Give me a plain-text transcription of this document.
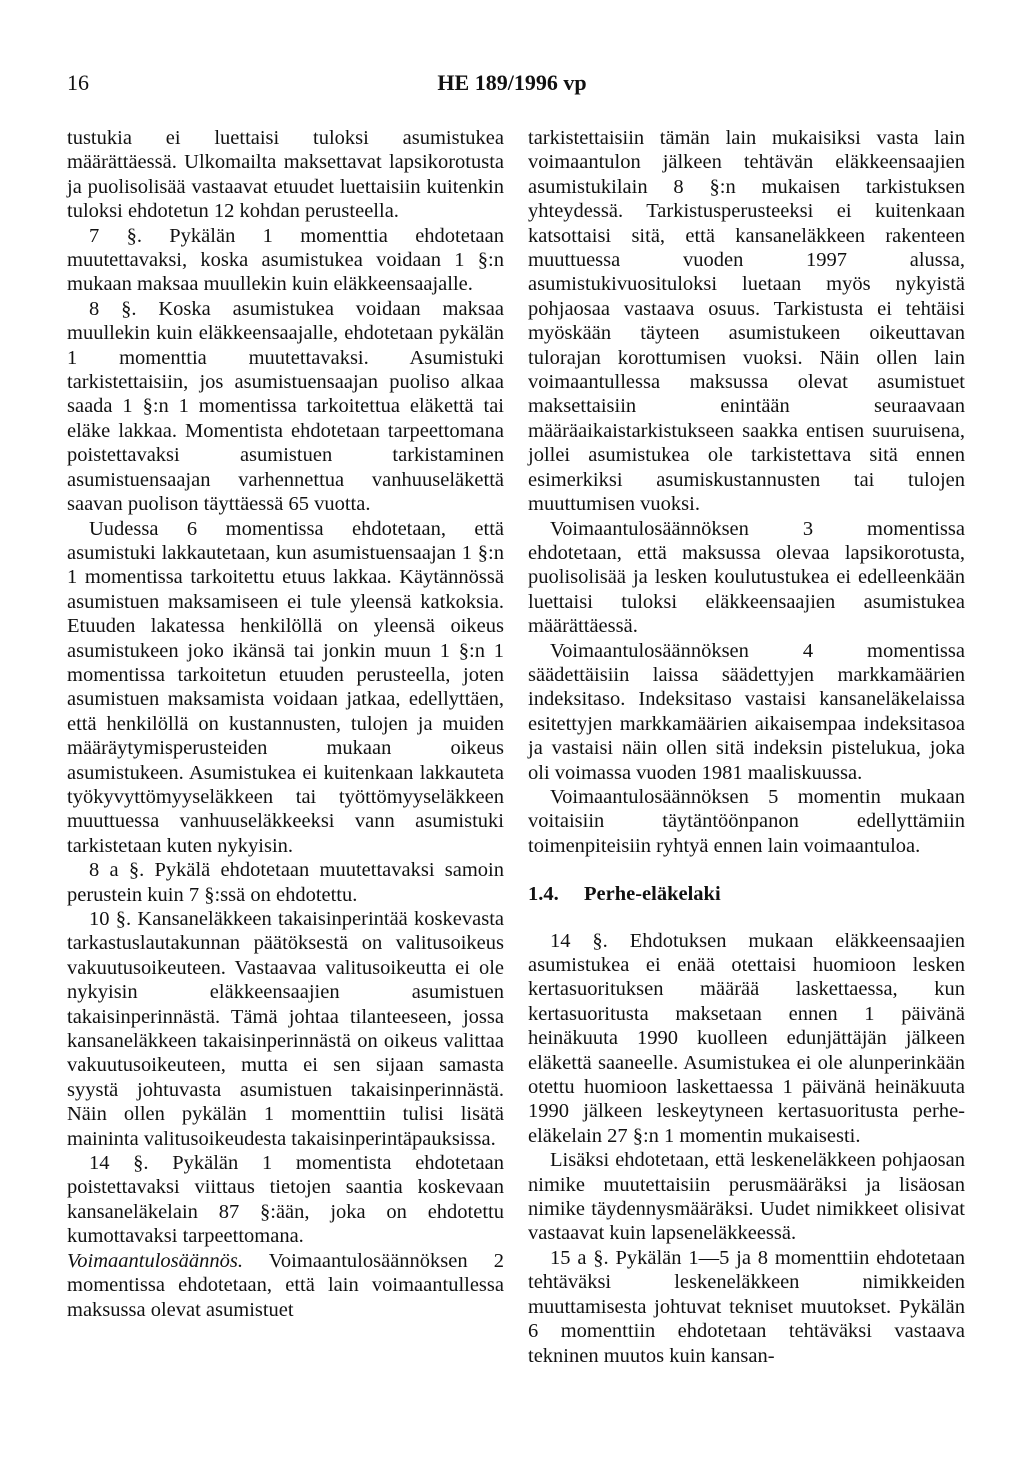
16	HE 189/1996 vp

tustukia ei luettaisi tuloksi asumistukea määrättäessä. Ulkomailta maksettavat lapsikorotusta ja puolisolisää vastaavat etuudet luettaisiin kuitenkin tuloksi ehdotetun 12 kohdan perusteella.

7 §. Pykälän 1 momenttia ehdotetaan muutettavaksi, koska asumistukea voidaan 1 §:n mukaan maksaa muullekin kuin eläkkeensaajalle.

8 §. Koska asumistukea voidaan maksaa muullekin kuin eläkkeensaajalle, ehdotetaan pykälän 1 momenttia muutettavaksi. Asumistuki tarkistettaisiin, jos asumistuensaajan puoliso alkaa saada 1 §:n 1 momentissa tarkoitettua eläkettä tai eläke lakkaa. Momentista ehdotetaan tarpeettomana poistettavaksi asumistuen tarkistaminen asumistuensaajan varhennettua vanhuuseläkettä saavan puolison täyttäessä 65 vuotta.

Uudessa 6 momentissa ehdotetaan, että asumistuki lakkautetaan, kun asumistuensaajan 1 §:n 1 momentissa tarkoitettu etuus lakkaa. Käytännössä asumistuen maksamiseen ei tule yleensä katkoksia. Etuuden lakatessa henkilöllä on yleensä oikeus asumistukeen joko ikänsä tai jonkin muun 1 §:n 1 momentissa tarkoitetun etuuden perusteella, joten asumistuen maksamista voidaan jatkaa, edellyttäen, että henkilöllä on kustannusten, tulojen ja muiden määräytymisperusteiden mukaan oikeus asumistukeen. Asumistukea ei kuitenkaan lakkauteta työkyvyttömyyseläkkeen tai työttömyyseläkkeen muuttuessa vanhuuseläkkeeksi vann asumistuki tarkistetaan kuten nykyisin.

8 a §. Pykälä ehdotetaan muutettavaksi samoin perustein kuin 7 §:ssä on ehdotettu.

10 §. Kansaneläkkeen takaisinperintää koskevasta tarkastuslautakunnan päätöksestä on valitusoikeus vakuutusoikeuteen. Vastaavaa valitusoikeutta ei ole nykyisin eläkkeensaajien asumistuen takaisinperinnästä. Tämä johtaa tilanteeseen, jossa kansaneläkkeen takaisinperinnästä on oikeus valittaa vakuutusoikeuteen, mutta ei sen sijaan samasta syystä johtuvasta asumistuen takaisinperinnästä. Näin ollen pykälän 1 momenttiin tulisi lisätä maininta valitusoikeudesta takaisinperintäpauksissa.

14 §. Pykälän 1 momentista ehdotetaan poistettavaksi viittaus tietojen saantia koskevaan kansaneläkelain 87 §:ään, joka on ehdotettu kumottavaksi tarpeettomana.

Voimaantulosäännös. Voimaantulosäännöksen 2 momentissa ehdotetaan, että lain voimaantullessa maksussa olevat asumistuet

tarkistettaisiin tämän lain mukaisiksi vasta lain voimaantulon jälkeen tehtävän eläkkeensaajien asumistukilain 8 §:n mukaisen tarkistuksen yhteydessä. Tarkistusperusteeksi ei kuitenkaan katsottaisi sitä, että kansaneläkkeen rakenteen muuttuessa vuoden 1997 alussa, asumistukivuosituloksi luetaan myös nykyistä pohjaosaa vastaava osuus. Tarkistusta ei tehtäisi myöskään täyteen asumistukeen oikeuttavan tulorajan korottumisen vuoksi. Näin ollen lain voimaantullessa maksussa olevat asumistuet maksettaisiin enintään seuraavaan määräaikaistarkistukseen saakka entisen suuruisena, jollei asumistukea ole tarkistettava sitä ennen esimerkiksi asumiskustannusten tai tulojen muuttumisen vuoksi.

Voimaantulosäännöksen 3 momentissa ehdotetaan, että maksussa olevaa lapsikorotusta, puolisolisää ja lesken koulutustukea ei edelleenkään luettaisi tuloksi eläkkeensaajien asumistukea määrättäessä.

Voimaantulosäännöksen 4 momentissa säädettäisiin laissa säädettyjen markkamäärien indeksitaso. Indeksitaso vastaisi kansaneläkelaissa esitettyjen markkamäärien aikaisempaa indeksitasoa ja vastaisi näin ollen sitä indeksin pistelukua, joka oli voimassa vuoden 1981 maaliskuussa.

Voimaantulosäännöksen 5 momentin mukaan voitaisiin täytäntöönpanon edellyttämiin toimenpiteisiin ryhtyä ennen lain voimaantuloa.

1.4.	Perhe-eläkelaki

14 §. Ehdotuksen mukaan eläkkeensaajien asumistukea ei enää otettaisi huomioon lesken kertasuorituksen määrää laskettaessa, kun kertasuoritusta maksetaan ennen 1 päivänä heinäkuuta 1990 kuolleen edunjättäjän jälkeen eläkettä saaneelle. Asumistukea ei ole alunperinkään otettu huomioon laskettaessa 1 päivänä heinäkuuta 1990 jälkeen leskeytyneen kertasuoritusta perhe-eläkelain 27 §:n 1 momentin mukaisesti.

Lisäksi ehdotetaan, että leskeneläkkeen pohjaosan nimike muutettaisiin perusmääräksi ja lisäosan nimike täydennysmääräksi. Uudet nimikkeet olisivat vastaavat kuin lapseneläkkeessä.

15 a §. Pykälän 1—5 ja 8 momenttiin ehdotetaan tehtäväksi leskeneläkkeen nimikkeiden muuttamisesta johtuvat tekniset muutokset. Pykälän 6 momenttiin ehdotetaan tehtäväksi vastaava tekninen muutos kuin kansan-
